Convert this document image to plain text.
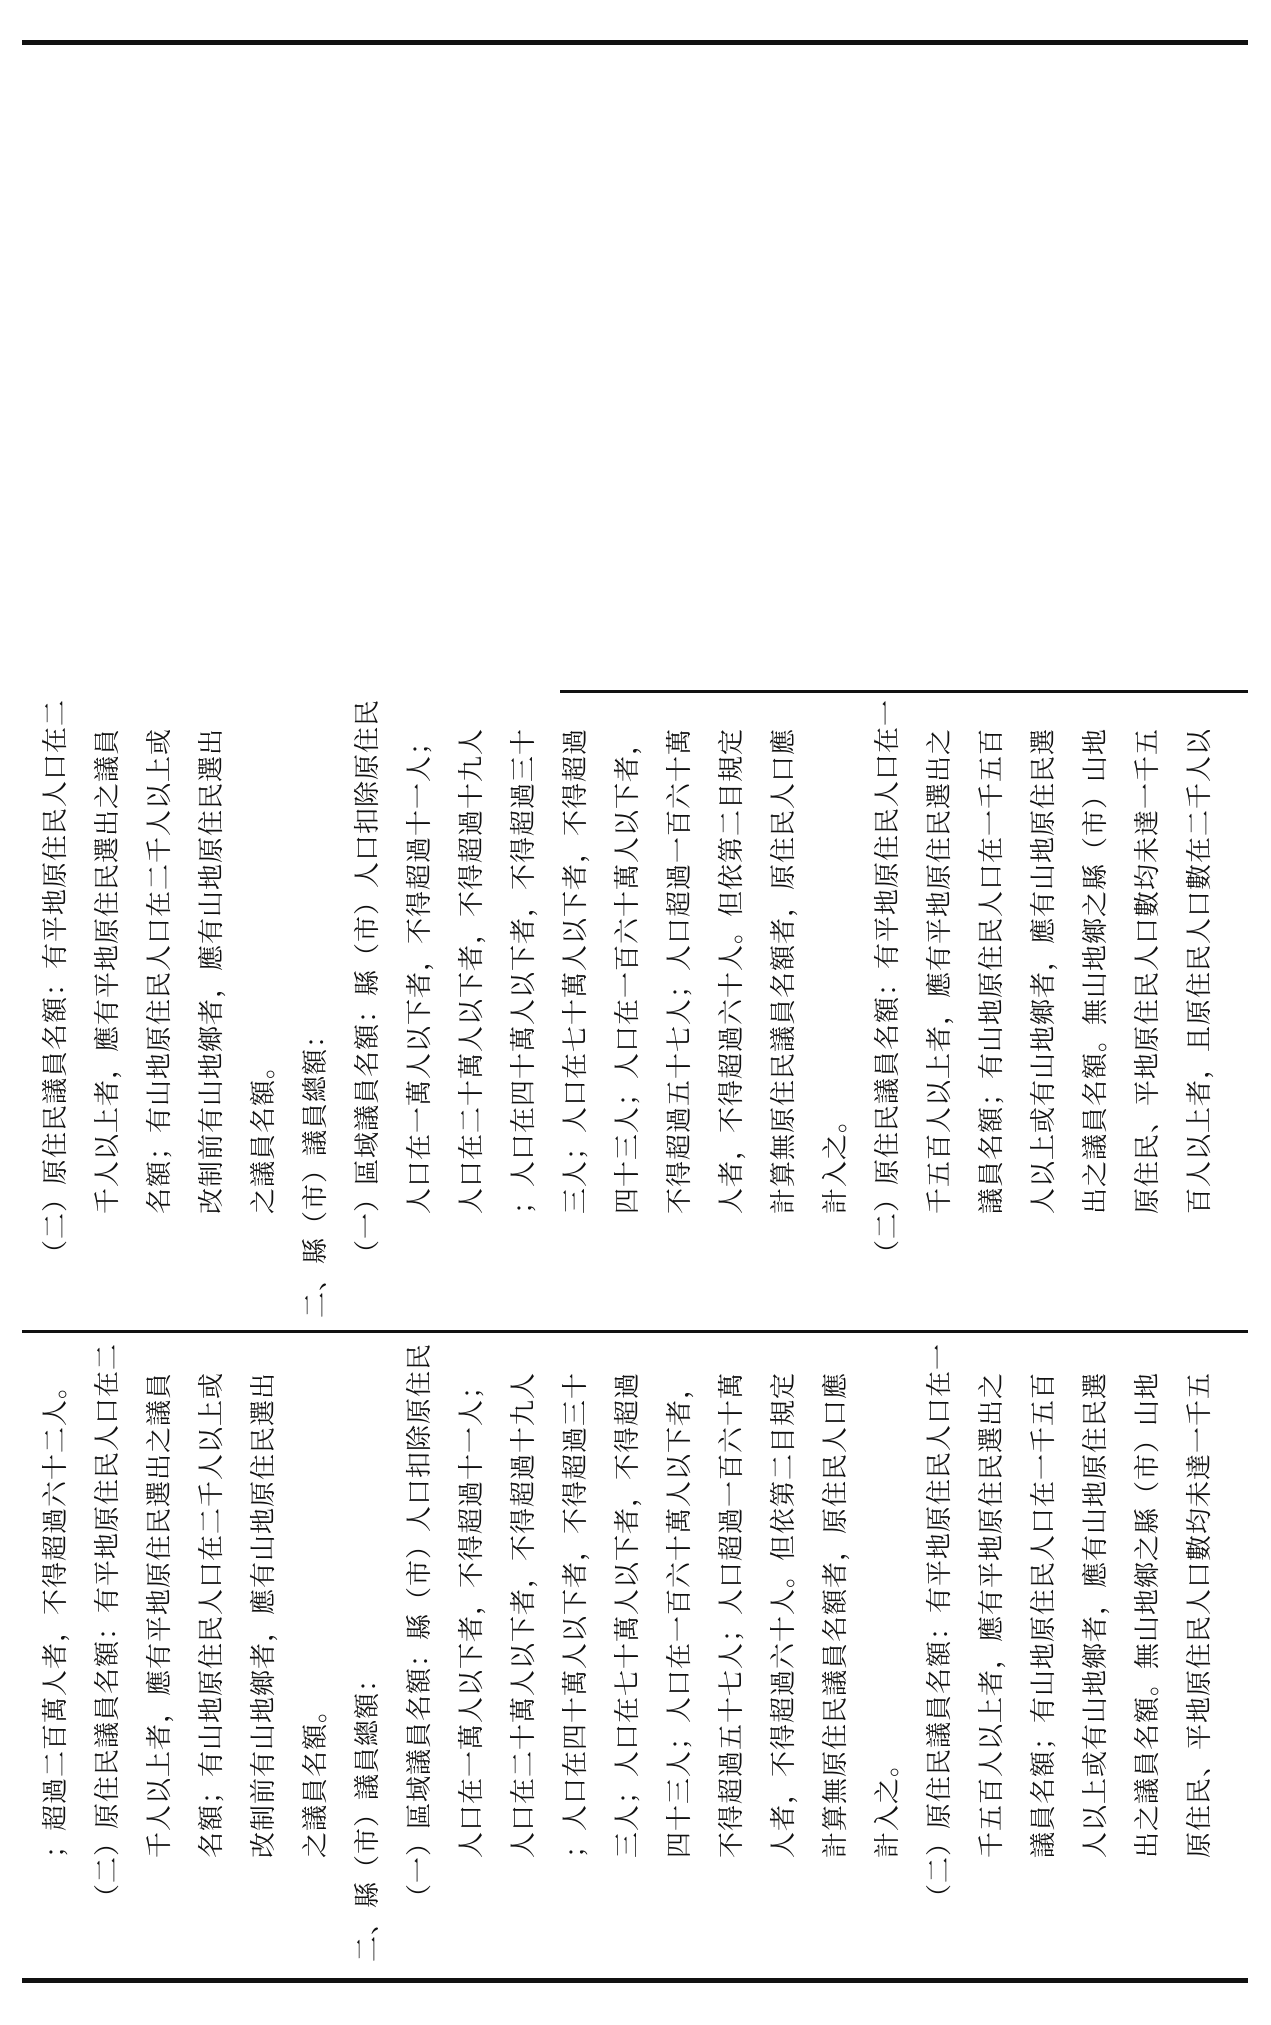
（二）原住民議員名額：有平地原住民人口在二 千人以上者，應有平地原住民選出之議員 名額；有山地原住民人口在二千人以上或 改制前有山地鄉者，應有山地原住民選出 之議員名額。 二、縣（市）議員總額： （一）區域議員名額：縣（市）人口扣除原住民 人口在一萬人以下者，不得超過十一人； 人口在二十萬人以下者，不得超過十九人 ；人口在四十萬人以下者，不得超過三十 三人；人口在七十萬人以下者，不得超過 四十三人；人口在一百六十萬人以下者， 不得超過五十七人；人口超過一百六十萬 人者，不得超過六十人。但依第二目規定 計算無原住民議員名額者，原住民人口應 計入之。 （二）原住民議員名額：有平地原住民人口在一 千五百人以上者，應有平地原住民選出之 議員名額；有山地原住民人口在一千五百 人以上或有山地鄉者，應有山地原住民選 出之議員名額。無山地鄉之縣（市）山地 原住民、平地原住民人口數均未達一千五 百人以上者，且原住民人口數在二千人以
；超過二百萬人者，不得超過六十二人。 （二）原住民議員名額：有平地原住民人口在二 千人以上者，應有平地原住民選出之議員 名額；有山地原住民人口在二千人以上或 改制前有山地鄉者，應有山地原住民選出 之議員名額。 二、縣（市）議員總額： （一）區域議員名額：縣（市）人口扣除原住民 人口在一萬人以下者，不得超過十一人； 人口在二十萬人以下者，不得超過十九人 ；人口在四十萬人以下者，不得超過三十 三人；人口在七十萬人以下者，不得超過 四十三人；人口在一百六十萬人以下者， 不得超過五十七人；人口超過一百六十萬 人者，不得超過六十人。但依第二目規定 計算無原住民議員名額者，原住民人口應 計入之。 （二）原住民議員名額：有平地原住民人口在一 千五百人以上者，應有平地原住民選出之 議員名額；有山地原住民人口在一千五百 人以上或有山地鄉者，應有山地原住民選 出之議員名額。無山地鄉之縣（市）山地 原住民、平地原住民人口數均未達一千五
